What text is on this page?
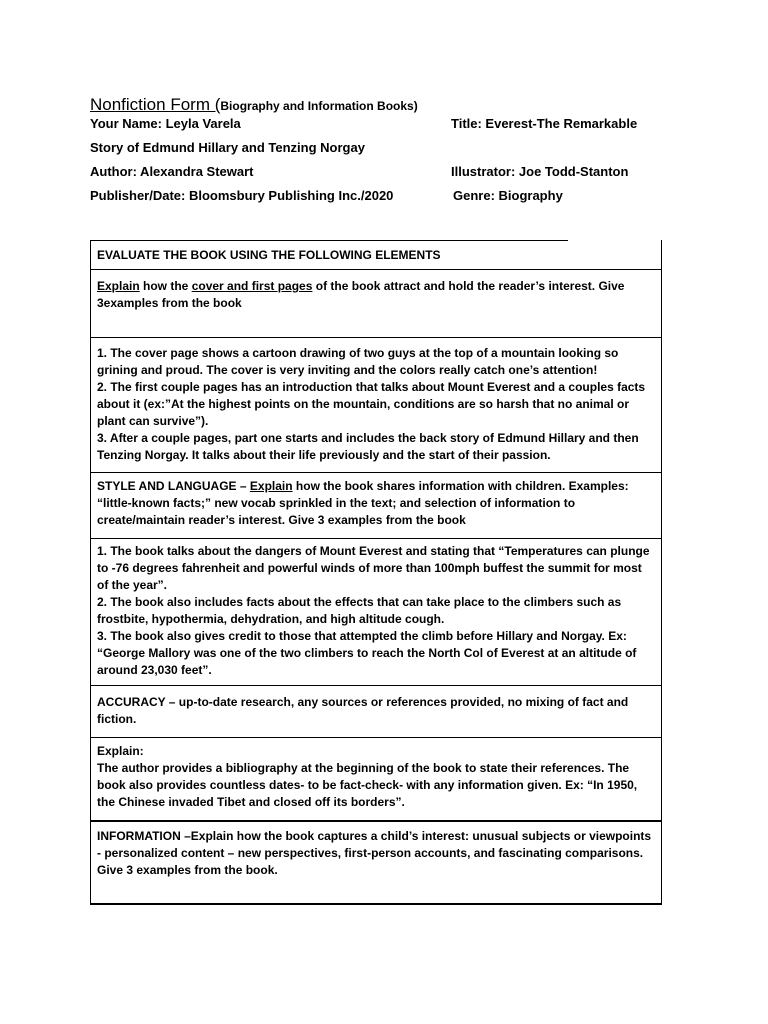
Nonfiction Form (Biography and Information Books)
Your Name: Leyla Varela	Title: Everest-The Remarkable
Story of Edmund Hillary and Tenzing Norgay
Author: Alexandra Stewart	Illustrator: Joe Todd-Stanton
Publisher/Date: Bloomsbury Publishing Inc./2020	Genre: Biography
EVALUATE THE BOOK USING THE FOLLOWING ELEMENTS
Explain how the cover and first pages of the book attract and hold the reader’s interest. Give 3examples from the book
1. The cover page shows a cartoon drawing of two guys at the top of a mountain looking so grining and proud. The cover is very inviting and the colors really catch one’s attention!
2. The first couple pages has an introduction that talks about Mount Everest and a couples facts about it (ex:”At the highest points on the mountain, conditions are so harsh that no animal or plant can survive”).
3. After a couple pages, part one starts and includes the back story of Edmund Hillary and then Tenzing Norgay. It talks about their life previously and the start of their passion.
STYLE AND LANGUAGE – Explain how the book shares information with children. Examples: “little-known facts;” new vocab sprinkled in the text; and selection of information to create/maintain reader’s interest. Give 3 examples from the book
1. The book talks about the dangers of Mount Everest and stating that “Temperatures can plunge to -76 degrees fahrenheit and powerful winds of more than 100mph buffest the summit for most of the year”.
2. The book also includes facts about the effects that can take place to the climbers such as frostbite, hypothermia, dehydration, and high altitude cough.
3. The book also gives credit to those that attempted the climb before Hillary and Norgay. Ex: “George Mallory was one of the two climbers to reach the North Col of Everest at an altitude of around 23,030 feet”.
ACCURACY – up-to-date research, any sources or references provided, no mixing of fact and fiction.
Explain:
The author provides a bibliography at the beginning of the book to state their references. The book also provides countless dates- to be fact-check- with any information given. Ex: “In 1950, the Chinese invaded Tibet and closed off its borders”.
INFORMATION –Explain how the book captures a child’s interest: unusual subjects or viewpoints - personalized content – new perspectives, first-person accounts, and fascinating comparisons.
Give 3 examples from the book.
